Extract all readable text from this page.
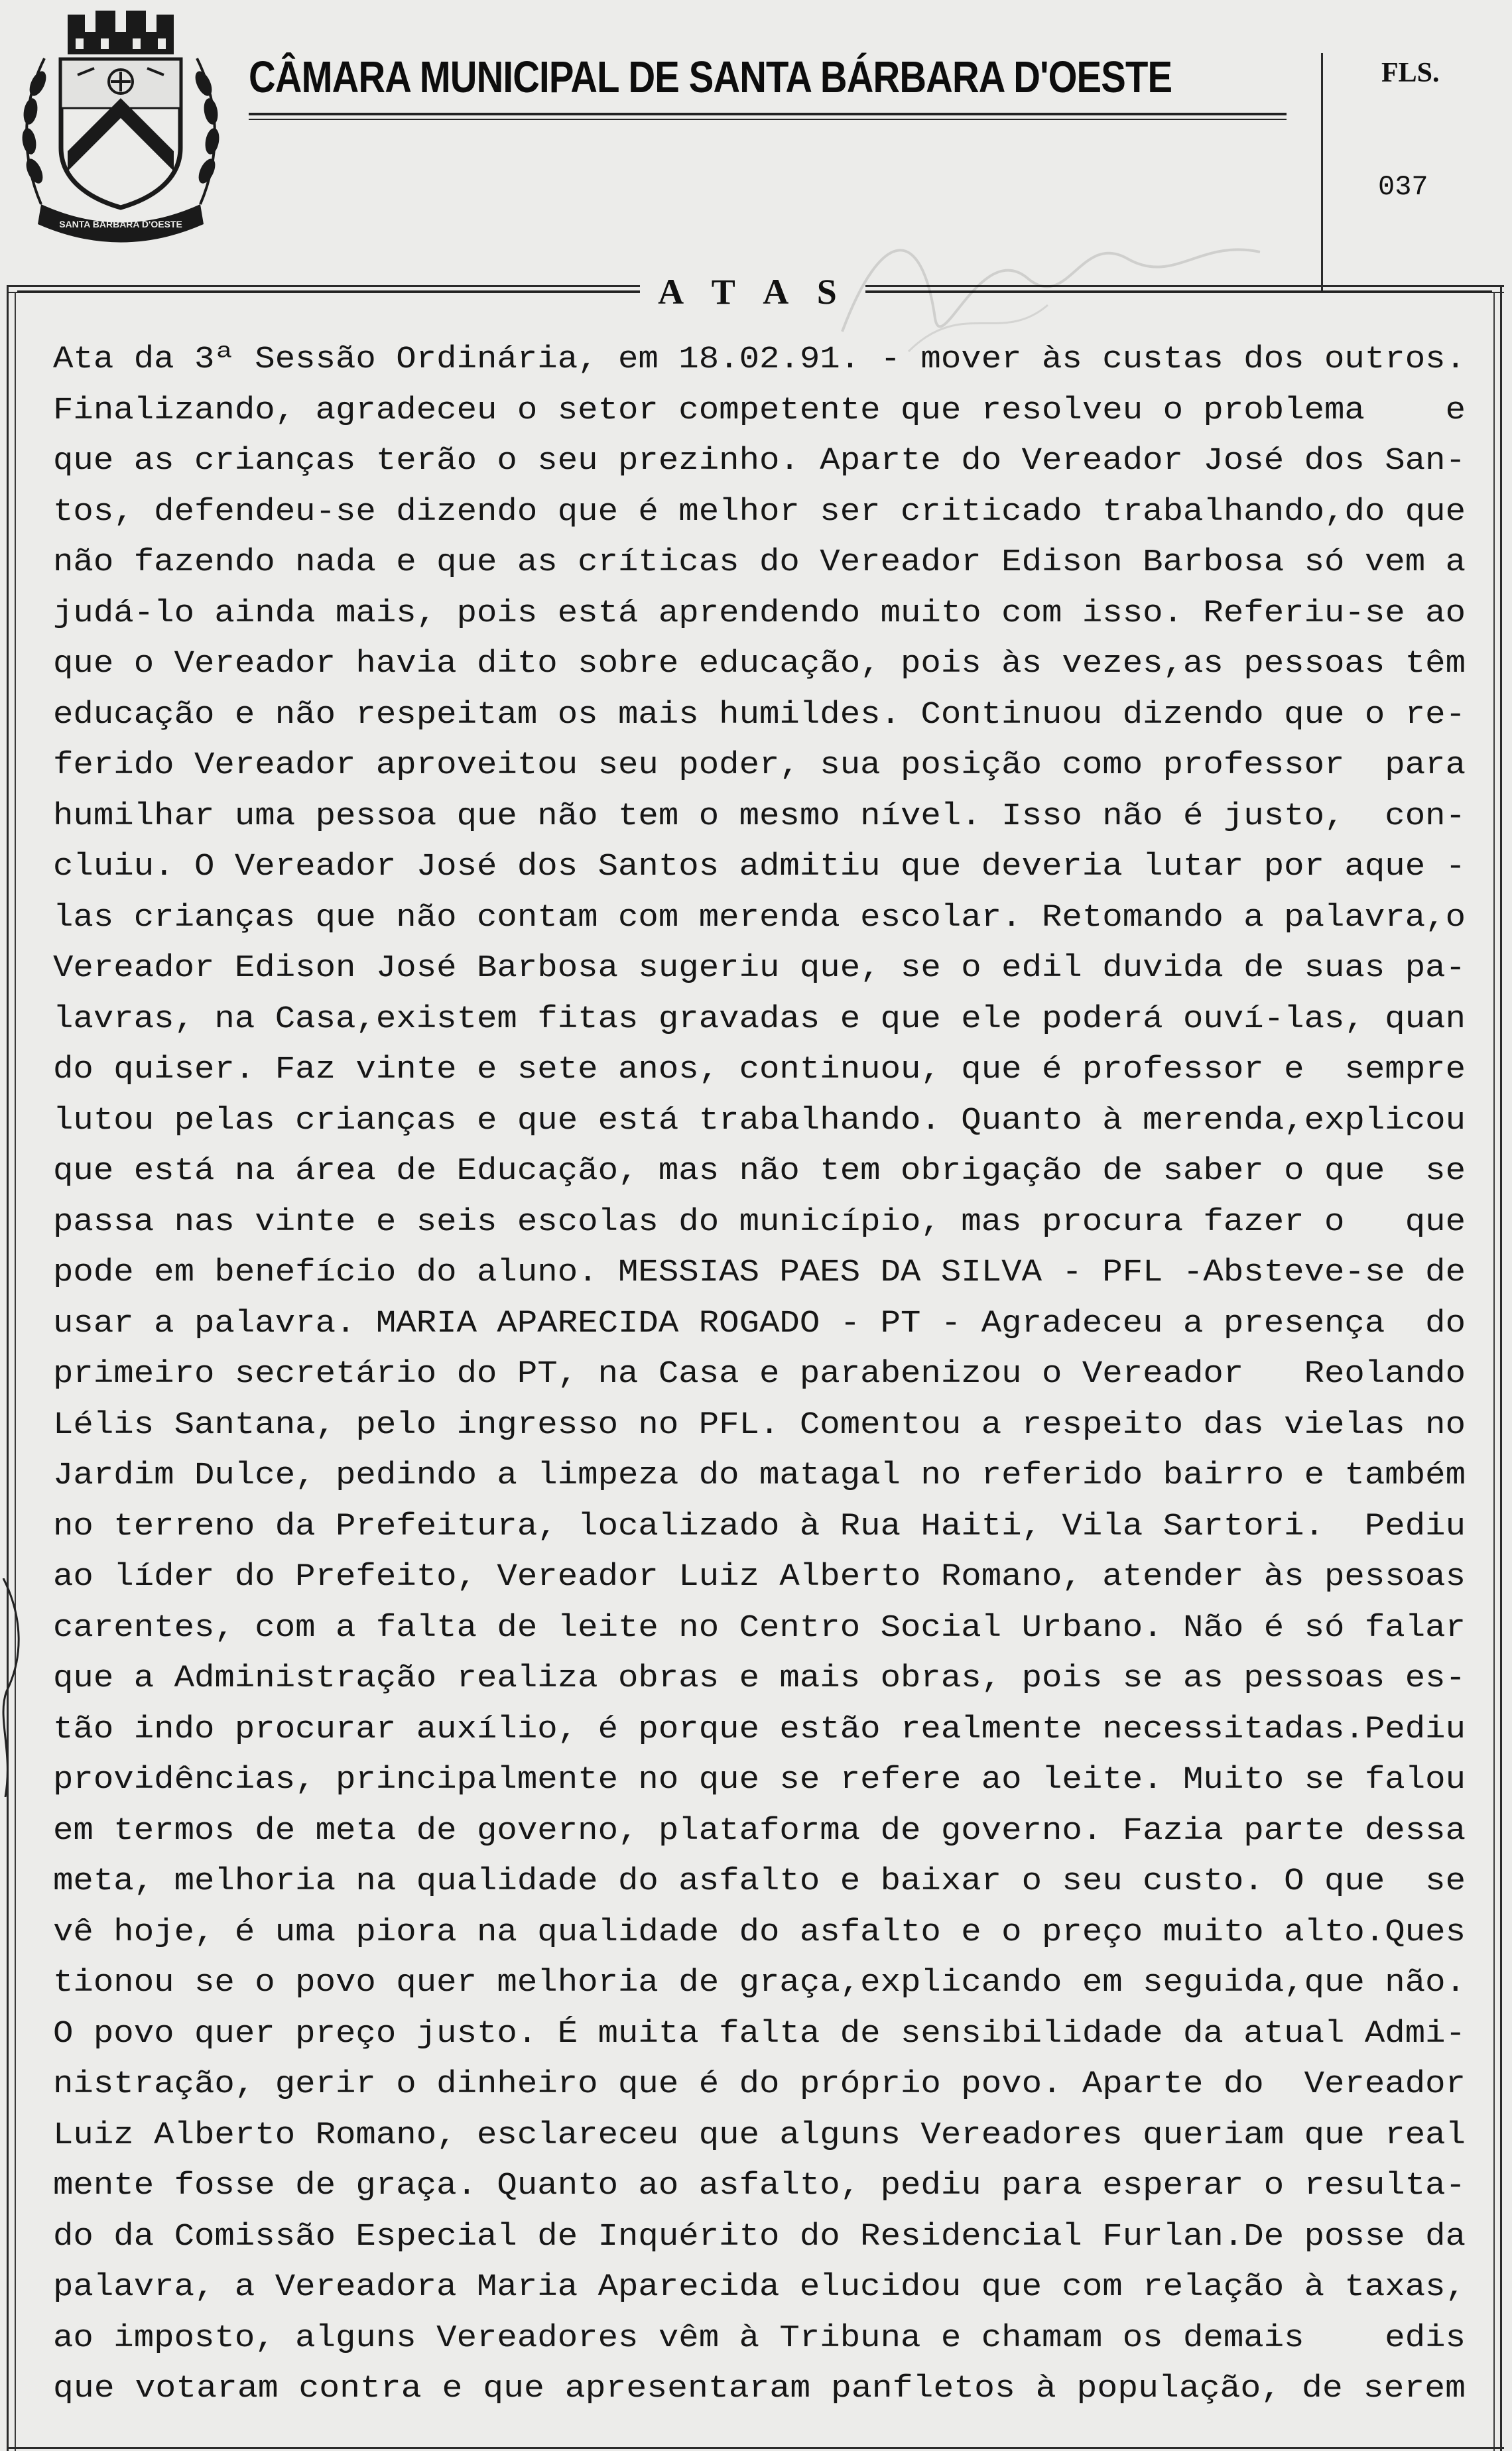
SANTA BARBARA D'OESTE
CÂMARA MUNICIPAL DE SANTA BÁRBARA D'OESTE	FLS.
037
A T A S
Ata da 3ª Sessão Ordinária, em 18.02.91. - mover às custas dos outros.
Finalizando, agradeceu o setor competente que resolveu o problema    e
que as crianças terão o seu prezinho. Aparte do Vereador José dos San-
tos, defendeu-se dizendo que é melhor ser criticado trabalhando,do que
não fazendo nada e que as críticas do Vereador Edison Barbosa só vem a
judá-lo ainda mais, pois está aprendendo muito com isso. Referiu-se ao
que o Vereador havia dito sobre educação, pois às vezes,as pessoas têm
educação e não respeitam os mais humildes. Continuou dizendo que o re-
ferido Vereador aproveitou seu poder, sua posição como professor  para
humilhar uma pessoa que não tem o mesmo nível. Isso não é justo,  con-
cluiu. O Vereador José dos Santos admitiu que deveria lutar por aque -
las crianças que não contam com merenda escolar. Retomando a palavra,o
Vereador Edison José Barbosa sugeriu que, se o edil duvida de suas pa-
lavras, na Casa,existem fitas gravadas e que ele poderá ouví-las, quan
do quiser. Faz vinte e sete anos, continuou, que é professor e  sempre
lutou pelas crianças e que está trabalhando. Quanto à merenda,explicou
que está na área de Educação, mas não tem obrigação de saber o que  se
passa nas vinte e seis escolas do município, mas procura fazer o   que
pode em benefício do aluno. MESSIAS PAES DA SILVA - PFL -Absteve-se de
usar a palavra. MARIA APARECIDA ROGADO - PT - Agradeceu a presença  do
primeiro secretário do PT, na Casa e parabenizou o Vereador   Reolando
Lélis Santana, pelo ingresso no PFL. Comentou a respeito das vielas no
Jardim Dulce, pedindo a limpeza do matagal no referido bairro e também
no terreno da Prefeitura, localizado à Rua Haiti, Vila Sartori.  Pediu
ao líder do Prefeito, Vereador Luiz Alberto Romano, atender às pessoas
carentes, com a falta de leite no Centro Social Urbano. Não é só falar
que a Administração realiza obras e mais obras, pois se as pessoas es-
tão indo procurar auxílio, é porque estão realmente necessitadas.Pediu
providências, principalmente no que se refere ao leite. Muito se falou
em termos de meta de governo, plataforma de governo. Fazia parte dessa
meta, melhoria na qualidade do asfalto e baixar o seu custo. O que  se
vê hoje, é uma piora na qualidade do asfalto e o preço muito alto.Ques
tionou se o povo quer melhoria de graça,explicando em seguida,que não.
O povo quer preço justo. É muita falta de sensibilidade da atual Admi-
nistração, gerir o dinheiro que é do próprio povo. Aparte do  Vereador
Luiz Alberto Romano, esclareceu que alguns Vereadores queriam que real
mente fosse de graça. Quanto ao asfalto, pediu para esperar o resulta-
do da Comissão Especial de Inquérito do Residencial Furlan.De posse da
palavra, a Vereadora Maria Aparecida elucidou que com relação à taxas,
ao imposto, alguns Vereadores vêm à Tribuna e chamam os demais    edis
que votaram contra e que apresentaram panfletos à população, de serem
